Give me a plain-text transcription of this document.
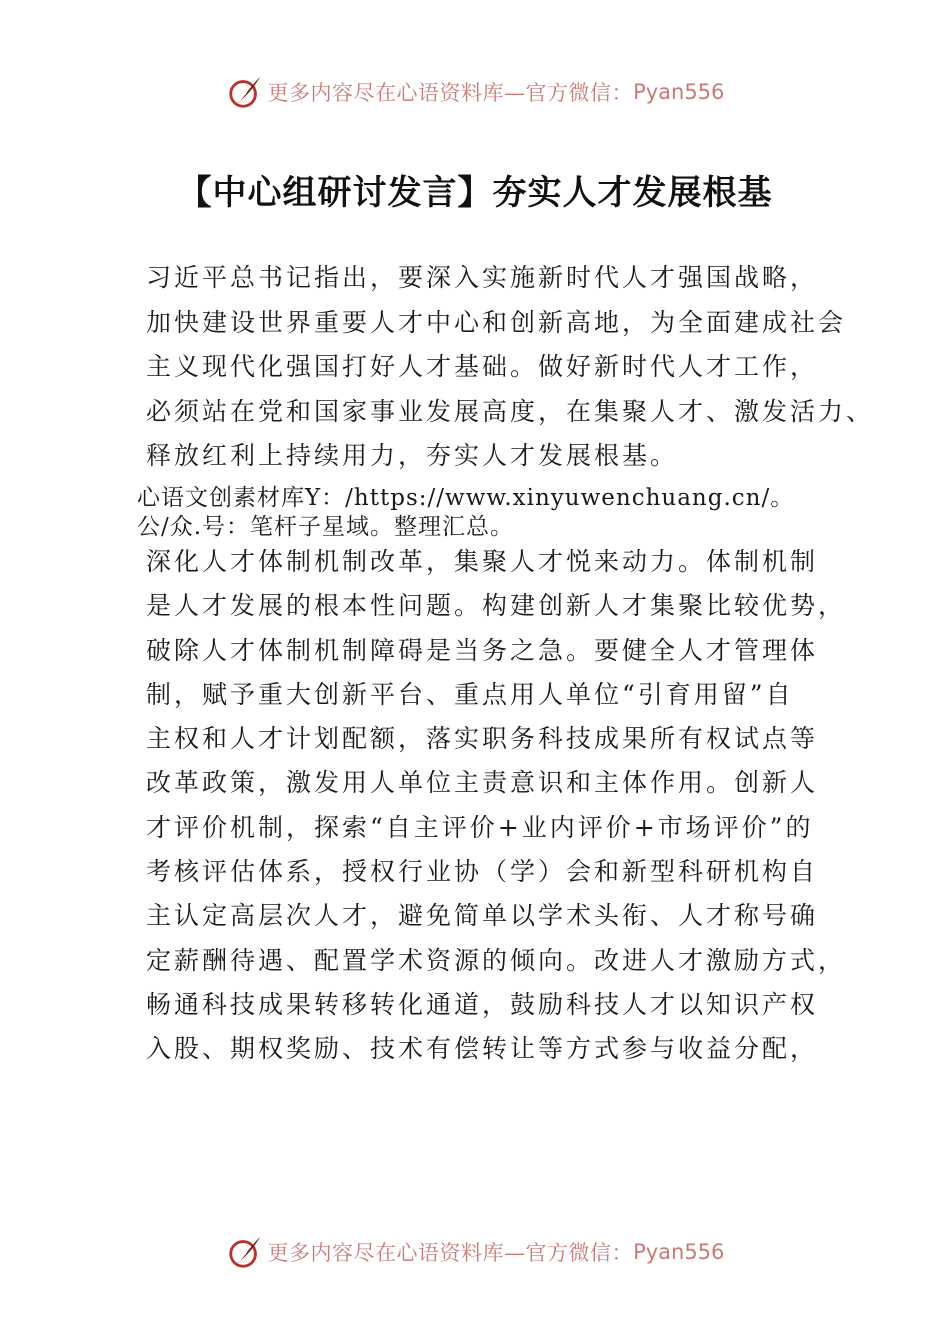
更多内容尽在心语资料库—官方微信： Pyan556
【中心组研讨发言】夯实人才发展根基
习近平总书记指出，要深入实施新时代人才强国战略，
加快建设世界重要人才中心和创新高地，为全面建成社会
主义现代化强国打好人才基础。做好新时代人才工作，
必须站在党和国家事业发展高度，在集聚人才、激发活力、
释放红利上持续用力，夯实人才发展根基。
心语文创素材库Y：/https://www.xinyuwenchuang.cn/。
公/众.号：笔杆子星域。整理汇总。
深化人才体制机制改革，集聚人才悦来动力。体制机制
是人才发展的根本性问题。构建创新人才集聚比较优势，
破除人才体制机制障碍是当务之急。要健全人才管理体
制，赋予重大创新平台、重点用人单位“引育用留”自
主权和人才计划配额，落实职务科技成果所有权试点等
改革政策，激发用人单位主责意识和主体作用。创新人
才评价机制，探索“自主评价+业内评价+市场评价”的
考核评估体系，授权行业协（学）会和新型科研机构自
主认定高层次人才，避免简单以学术头衔、人才称号确
定薪酬待遇、配置学术资源的倾向。改进人才激励方式，
畅通科技成果转移转化通道，鼓励科技人才以知识产权
入股、期权奖励、技术有偿转让等方式参与收益分配，
更多内容尽在心语资料库—官方微信： Pyan556
